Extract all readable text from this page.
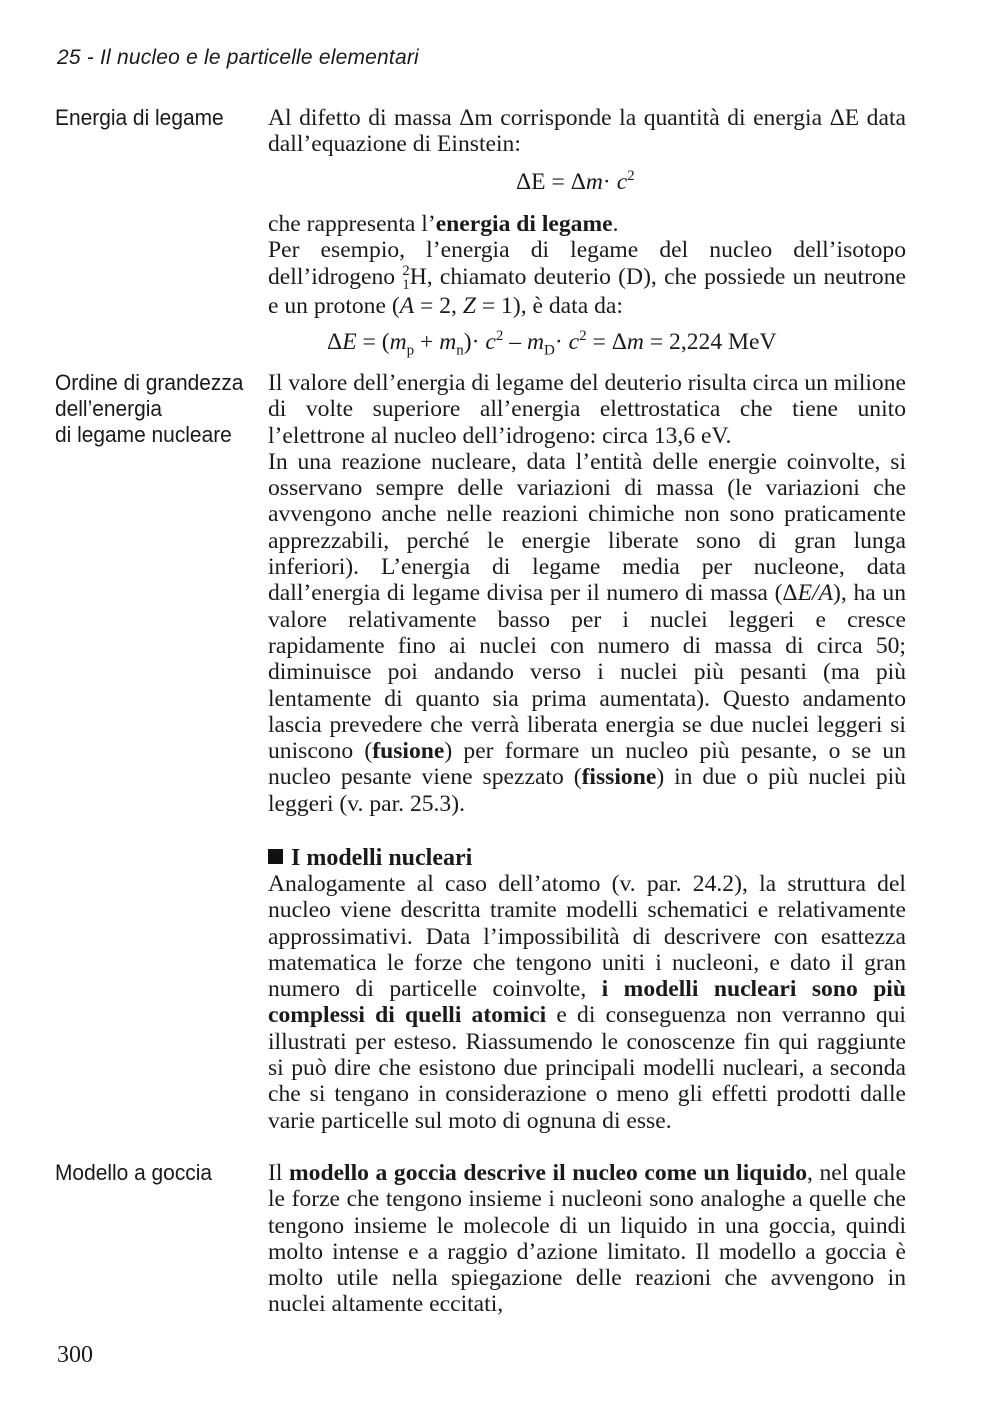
25 - Il nucleo e le particelle elementari
Energia di legame
Ordine di grandezza
dell’energia
di legame nucleare
Modello a goccia

Al difetto di massa Δm corrisponde la quantità di energia ΔE data dall’equazione di Einstein:

$\Delta E = \Delta m\cdot c^2$

che rappresenta l’energia di legame.

Per esempio, l’energia di legame del nucleo dell’isotopo dell’idrogeno 2
1 H, chiamato deuterio (D), che possiede un neutrone e un protone (A = 2, Z = 1), è data da:

$\Delta E = (m_p + m_n)\cdot c^2 - m_D\cdot c^2 = \Delta m = 2,224$ MeV

Il valore dell’energia di legame del deuterio risulta circa un milione di volte superiore all’energia elettrostatica che tiene unito l’elettrone al nucleo dell’idrogeno: circa 13,6 eV.

In una reazione nucleare, data l’entità delle energie coinvolte, si osservano sempre delle variazioni di massa (le variazioni che avvengono anche nelle reazioni chimiche non sono praticamente apprezzabili, perché le energie liberate sono di gran lunga inferiori). L’energia di legame media per nucleone, data dall’energia di legame divisa per il numero di massa (ΔE/A), ha un valore relativamente basso per i nuclei leggeri e cresce rapidamente fino ai nuclei con numero di massa di circa 50; diminuisce poi andando verso i nuclei più pesanti (ma più lentamente di quanto sia prima aumentata). Questo andamento lascia prevedere che verrà liberata energia se due nuclei leggeri si uniscono (fusione) per formare un nucleo più pesante, o se un nucleo pesante viene spezzato (fissione) in due o più nuclei più leggeri (v. par. 25.3).

I modelli nucleari

Analogamente al caso dell’atomo (v. par. 24.2), la struttura del nucleo viene descritta tramite modelli schematici e relativamente approssimativi. Data l’impossibilità di descrivere con esattezza matematica le forze che tengono uniti i nucleoni, e dato il gran numero di particelle coinvolte, i modelli nucleari sono più complessi di quelli atomici e di conseguenza non verranno qui illustrati per esteso. Riassumendo le conoscenze fin qui raggiunte si può dire che esistono due principali modelli nucleari, a seconda che si tengano in considerazione o meno gli effetti prodotti dalle varie particelle sul moto di ognuna di esse.

Il modello a goccia descrive il nucleo come un liquido, nel quale le forze che tengono insieme i nucleoni sono analoghe a quelle che tengono insieme le molecole di un liquido in una goccia, quindi molto intense e a raggio d’azione limitato. Il modello a goccia è molto utile nella spiegazione delle reazioni che avvengono in nuclei altamente eccitati,

300
